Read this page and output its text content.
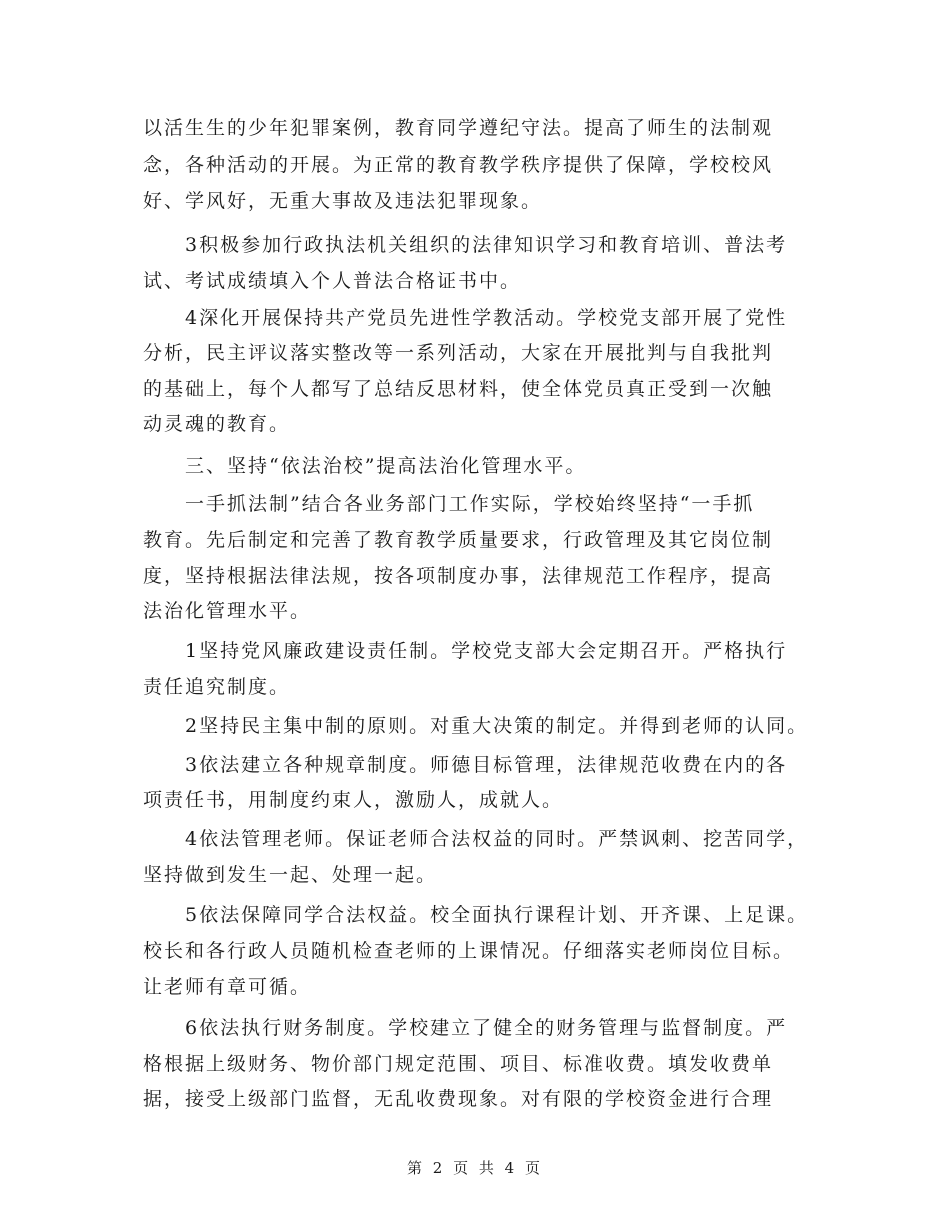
以活生生的少年犯罪案例，教育同学遵纪守法。提高了师生的法制观
念，各种活动的开展。为正常的教育教学秩序提供了保障，学校校风
好、学风好，无重大事故及违法犯罪现象。
3积极参加行政执法机关组织的法律知识学习和教育培训、普法考
试、考试成绩填入个人普法合格证书中。
4深化开展保持共产党员先进性学教活动。学校党支部开展了党性
分析，民主评议落实整改等一系列活动，大家在开展批判与自我批判
的基础上，每个人都写了总结反思材料，使全体党员真正受到一次触
动灵魂的教育。
三、坚持“依法治校”提高法治化管理水平。
一手抓法制”结合各业务部门工作实际，学校始终坚持“一手抓
教育。先后制定和完善了教育教学质量要求，行政管理及其它岗位制
度，坚持根据法律法规，按各项制度办事，法律规范工作程序，提高
法治化管理水平。
1坚持党风廉政建设责任制。学校党支部大会定期召开。严格执行
责任追究制度。
2坚持民主集中制的原则。对重大决策的制定。并得到老师的认同。
3依法建立各种规章制度。师德目标管理，法律规范收费在内的各
项责任书，用制度约束人，激励人，成就人。
4依法管理老师。保证老师合法权益的同时。严禁讽刺、挖苦同学，
坚持做到发生一起、处理一起。
5依法保障同学合法权益。校全面执行课程计划、开齐课、上足课。
校长和各行政人员随机检查老师的上课情况。仔细落实老师岗位目标。
让老师有章可循。
6依法执行财务制度。学校建立了健全的财务管理与监督制度。严
格根据上级财务、物价部门规定范围、项目、标准收费。填发收费单
据，接受上级部门监督，无乱收费现象。对有限的学校资金进行合理
第 2 页 共 4 页
